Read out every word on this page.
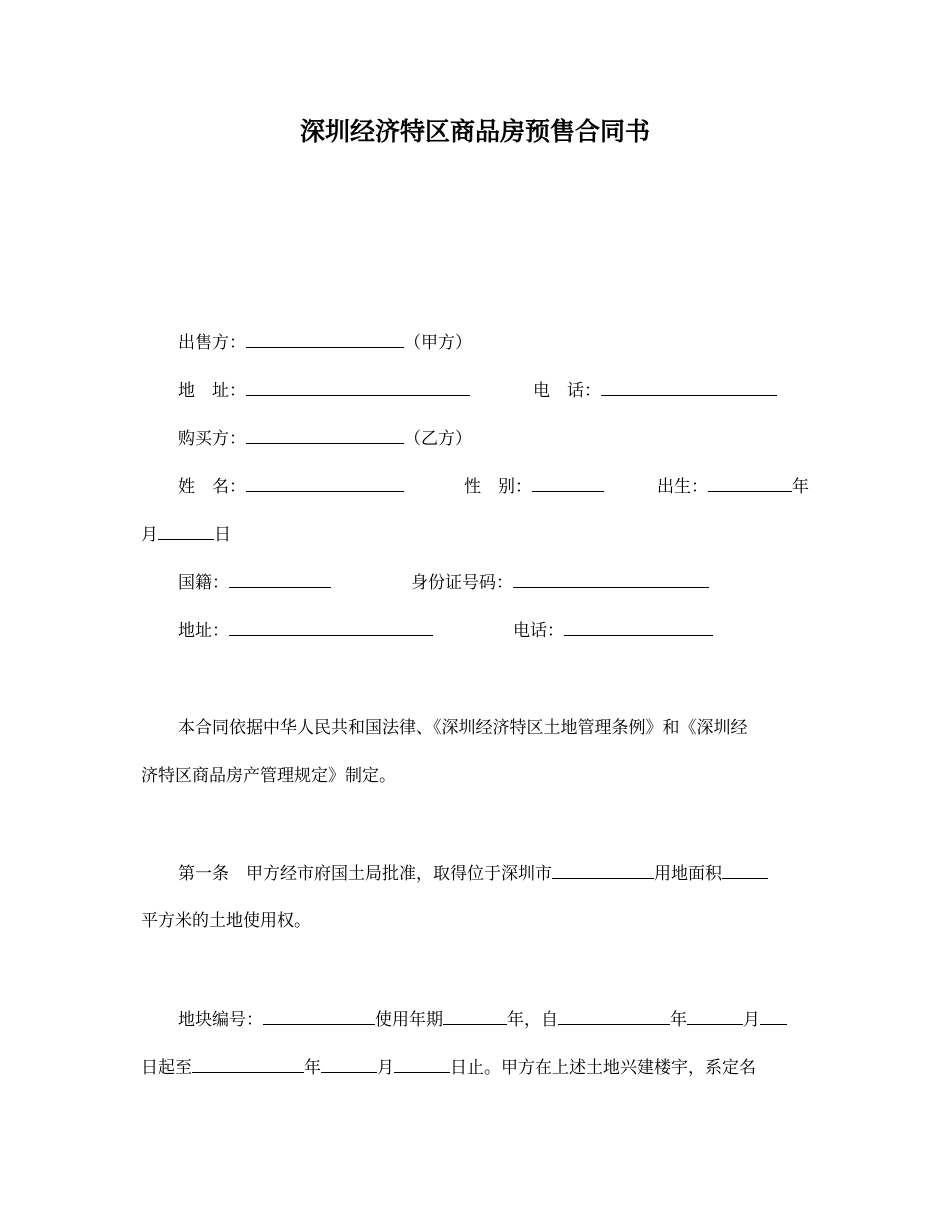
深圳经济特区商品房预售合同书
出售方：	（甲方）
地　址：	电　话：
购买方：	（乙方）
姓　名：	性　别：	出生：	年
月	日
国籍：	身份证号码：
地址：	电话：
本合同依据中华人民共和国法律、《深圳经济特区土地管理条例》和《深圳经
济特区商品房产管理规定》制定。
第一条　甲方经市府国土局批准，取得位于深圳市	用地面积
平方米的土地使用权。
地块编号：	使用年期	年，自	年	月
日起至	年	月	日止。甲方在上述土地兴建楼宇，系定名
